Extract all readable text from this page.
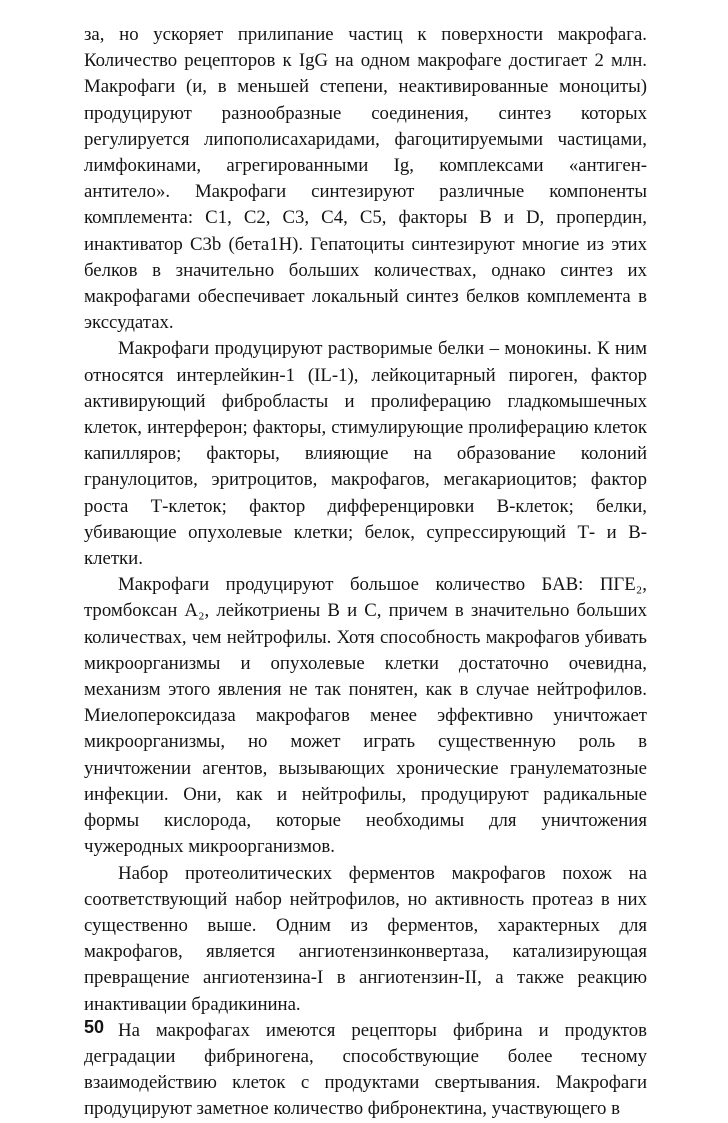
за, но ускоряет прилипание частиц к поверхности макрофага. Количество рецепторов к IgG на одном макрофаге достигает 2 млн. Макрофаги (и, в меньшей степени, неактивированные моноциты) продуцируют разнообразные соединения, синтез которых регулируется липополисахаридами, фагоцитируемыми частицами, лимфокинами, агрегированными Ig, комплексами «антиген-антитело». Макрофаги синтезируют различные компоненты комплемента: С1, С2, С3, С4, С5, факторы В и D, пропердин, инактиватор С3b (бета1Н). Гепатоциты синтезируют многие из этих белков в значительно больших количествах, однако синтез их макрофагами обеспечивает локальный синтез белков комплемента в экссудатах.

Макрофаги продуцируют растворимые белки – монокины. К ним относятся интерлейкин-1 (IL-1), лейкоцитарный пироген, фактор активирующий фибробласты и пролиферацию гладкомышечных клеток, интерферон; факторы, стимулирующие пролиферацию клеток капилляров; факторы, влияющие на образование колоний гранулоцитов, эритроцитов, макрофагов, мегакариоцитов; фактор роста Т-клеток; фактор дифференцировки В-клеток; белки, убивающие опухолевые клетки; белок, супрессирующий Т- и В-клетки.

Макрофаги продуцируют большое количество БАВ: ПГЕ₂, тромбоксан А₂, лейкотриены В и С, причем в значительно больших количествах, чем нейтрофилы. Хотя способность макрофагов убивать микроорганизмы и опухолевые клетки достаточно очевидна, механизм этого явления не так понятен, как в случае нейтрофилов. Миелопероксидаза макрофагов менее эффективно уничтожает микроорганизмы, но может играть существенную роль в уничтожении агентов, вызывающих хронические гранулематозные инфекции. Они, как и нейтрофилы, продуцируют радикальные формы кислорода, которые необходимы для уничтожения чужеродных микроорганизмов.

Набор протеолитических ферментов макрофагов похож на соответствующий набор нейтрофилов, но активность протеаз в них существенно выше. Одним из ферментов, характерных для макрофагов, является ангиотензинконвертаза, катализирующая превращение ангиотензина-I в ангиотензин-II, а также реакцию инактивации брадикинина.

На макрофагах имеются рецепторы фибрина и продуктов деградации фибриногена, способствующие более тесному взаимодействию клеток с продуктами свертывания. Макрофаги продуцируют заметное количество фибронектина, участвующего в

50
